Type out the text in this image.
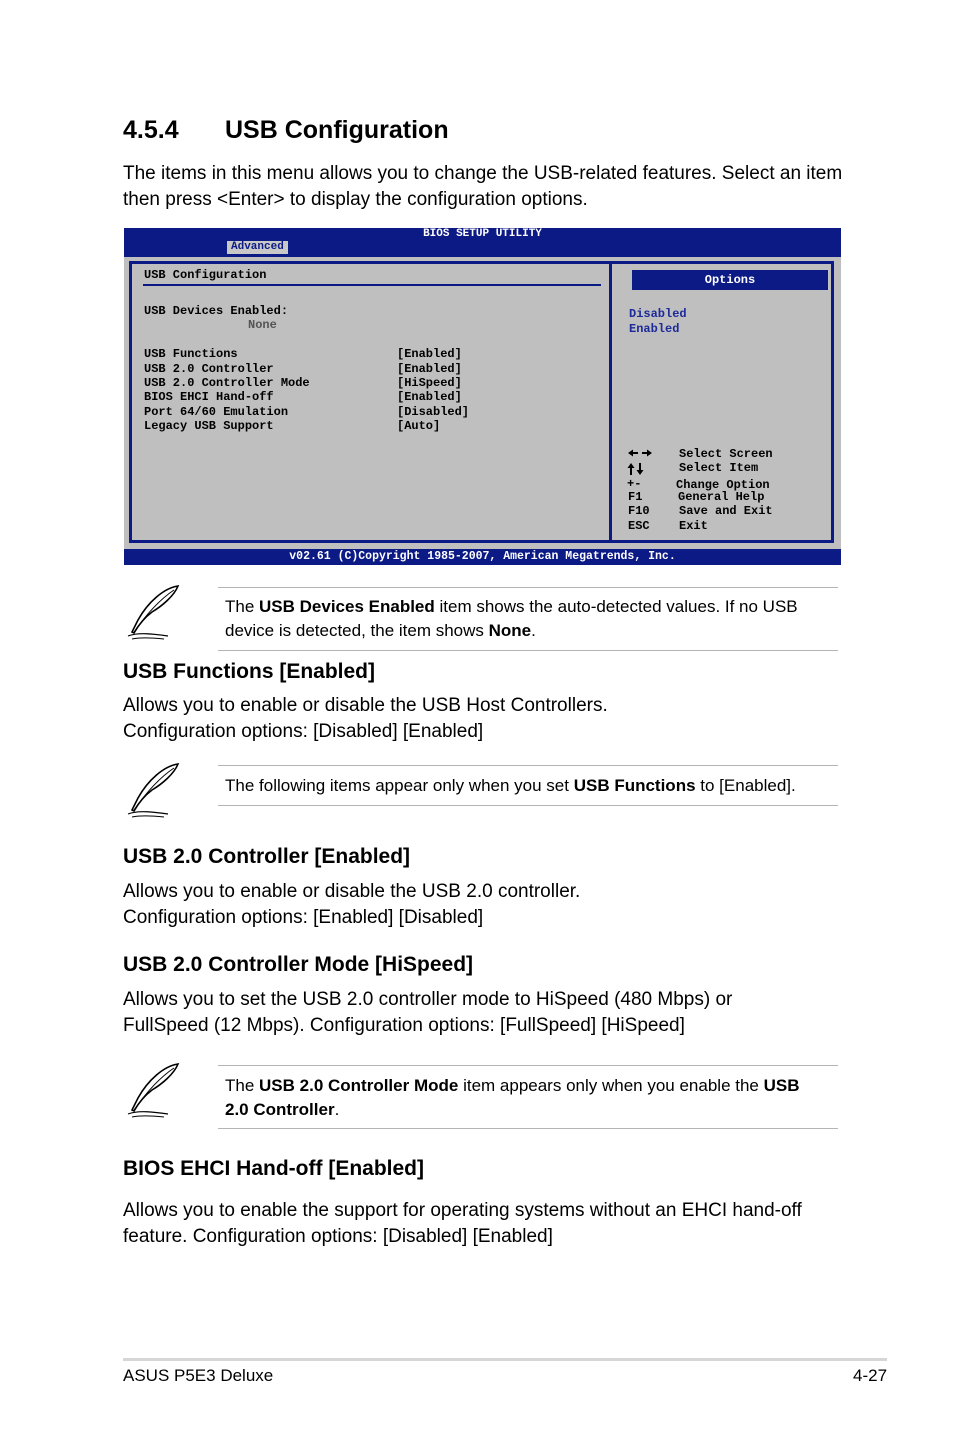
4.5.4 USB Configuration
The items in this menu allows you to change the USB-related features. Select an item then press <Enter> to display the configuration options.
BIOS SETUP UTILITY
Advanced
USB Configuration
USB Devices Enabled:
None
USB Functions	[Enabled]
USB 2.0 Controller	[Enabled]
USB 2.0 Controller Mode	[HiSpeed]
BIOS EHCI Hand-off	[Enabled]
Port 64/60 Emulation	[Disabled]
Legacy USB Support	[Auto]
Options
Disabled
Enabled
Select Screen
Select Item
+-	Change Option
F1	General Help
F10 Save and Exit
ESC Exit
v02.61 (C)Copyright 1985-2007, American Megatrends, Inc.
The USB Devices Enabled item shows the auto-detected values. If no USB device is detected, the item shows None.
USB Functions [Enabled]
Allows you to enable or disable the USB Host Controllers.
Configuration options: [Disabled] [Enabled]
The following items appear only when you set USB Functions to [Enabled].
USB 2.0 Controller [Enabled]
Allows you to enable or disable the USB 2.0 controller.
Configuration options: [Enabled] [Disabled]
USB 2.0 Controller Mode [HiSpeed]
Allows you to set the USB 2.0 controller mode to HiSpeed (480 Mbps) or
FullSpeed (12 Mbps). Configuration options: [FullSpeed] [HiSpeed]
The USB 2.0 Controller Mode item appears only when you enable the USB 2.0 Controller.
BIOS EHCI Hand-off [Enabled]
Allows you to enable the support for operating systems without an EHCI hand-off
feature. Configuration options: [Disabled] [Enabled]
ASUS P5E3 Deluxe	4-27
